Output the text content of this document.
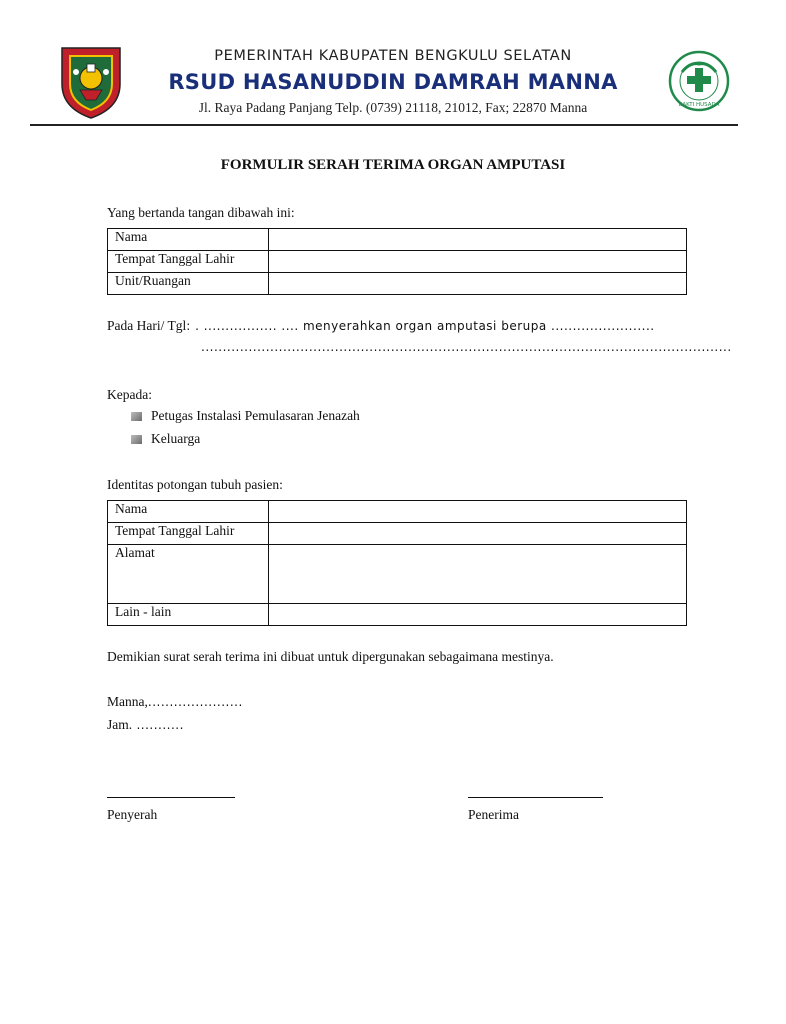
PEMERINTAH KABUPATEN BENGKULU SELATAN
RSUD HASANUDDIN DAMRAH MANNA
Jl. Raya Padang Panjang Telp. (0739) 21118, 21012, Fax; 22870 Manna	BAKTI HUSADA
FORMULIR SERAH TERIMA ORGAN AMPUTASI
Yang bertanda tangan dibawah ini:
Nama	
Tempat Tanggal Lahir	
Unit/Ruangan	
Pada Hari/ Tgl: . ................. .... menyerahkan organ amputasi berupa ........................
...........................................................................................................................
Kepada:
Petugas Instalasi Pemulasaran Jenazah
Keluarga
Identitas potongan tubuh pasien:
Nama	
Tempat Tanggal Lahir	
Alamat	
Lain - lain	
Demikian surat serah terima ini dibuat untuk dipergunakan sebagaimana mestinya.
Manna,......................
Jam. ...........
Penyerah	Penerima
